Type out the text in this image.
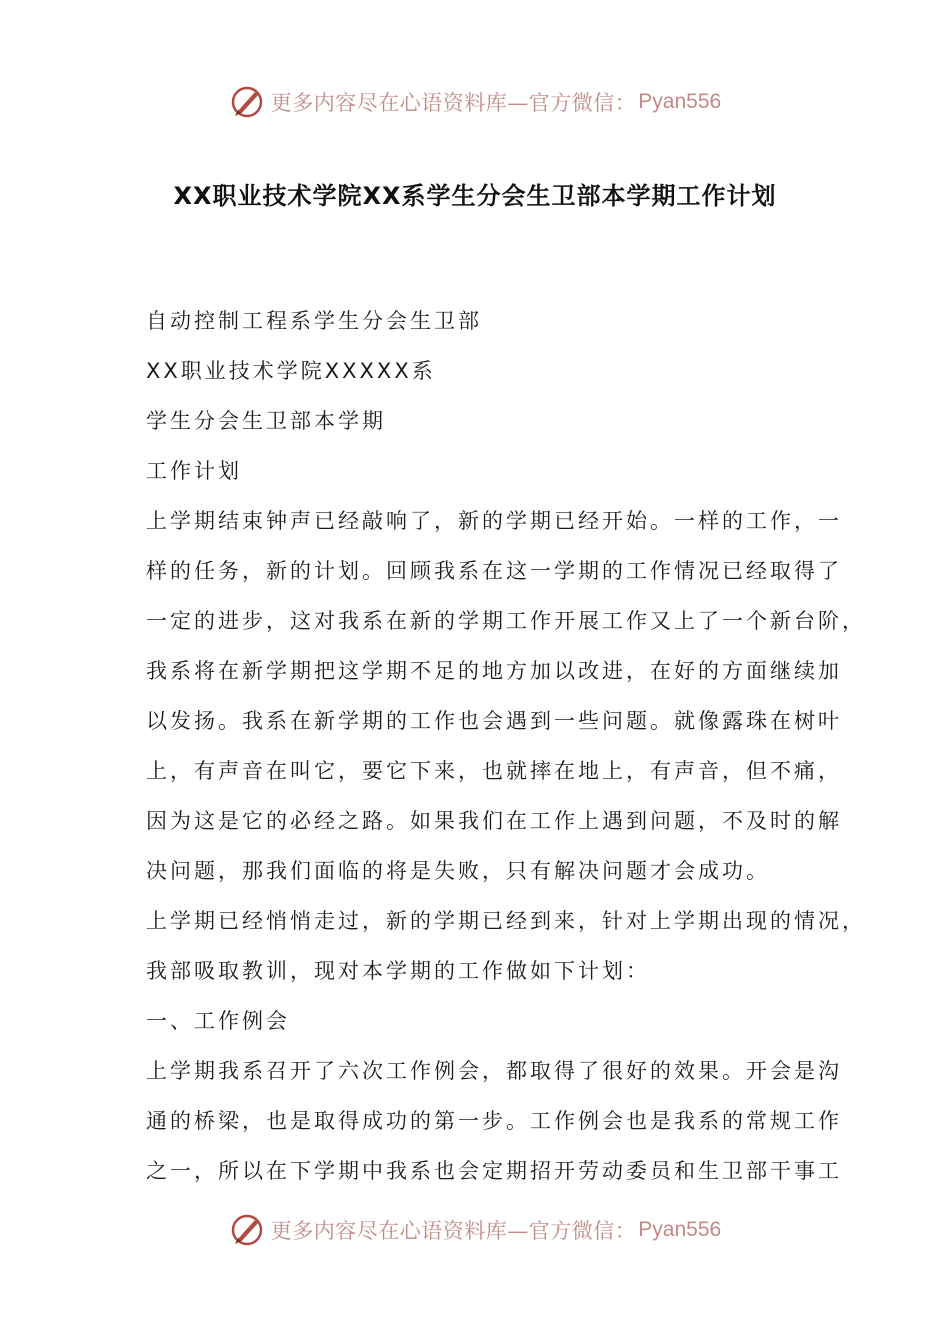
更多内容尽在心语资料库—官方微信： Pyan556
XX职业技术学院XX系学生分会生卫部本学期工作计划
自动控制工程系学生分会生卫部
XX职业技术学院XXXXX系
学生分会生卫部本学期
工作计划
上学期结束钟声已经敲响了，新的学期已经开始。一样的工作，一
样的任务，新的计划。回顾我系在这一学期的工作情况已经取得了
一定的进步，这对我系在新的学期工作开展工作又上了一个新台阶，
我系将在新学期把这学期不足的地方加以改进，在好的方面继续加
以发扬。我系在新学期的工作也会遇到一些问题。就像露珠在树叶
上，有声音在叫它，要它下来，也就摔在地上，有声音，但不痛，
因为这是它的必经之路。如果我们在工作上遇到问题，不及时的解
决问题，那我们面临的将是失败，只有解决问题才会成功。
上学期已经悄悄走过，新的学期已经到来，针对上学期出现的情况，
我部吸取教训，现对本学期的工作做如下计划：
一、工作例会
上学期我系召开了六次工作例会，都取得了很好的效果。开会是沟
通的桥梁，也是取得成功的第一步。工作例会也是我系的常规工作
之一，所以在下学期中我系也会定期招开劳动委员和生卫部干事工
更多内容尽在心语资料库—官方微信： Pyan556
